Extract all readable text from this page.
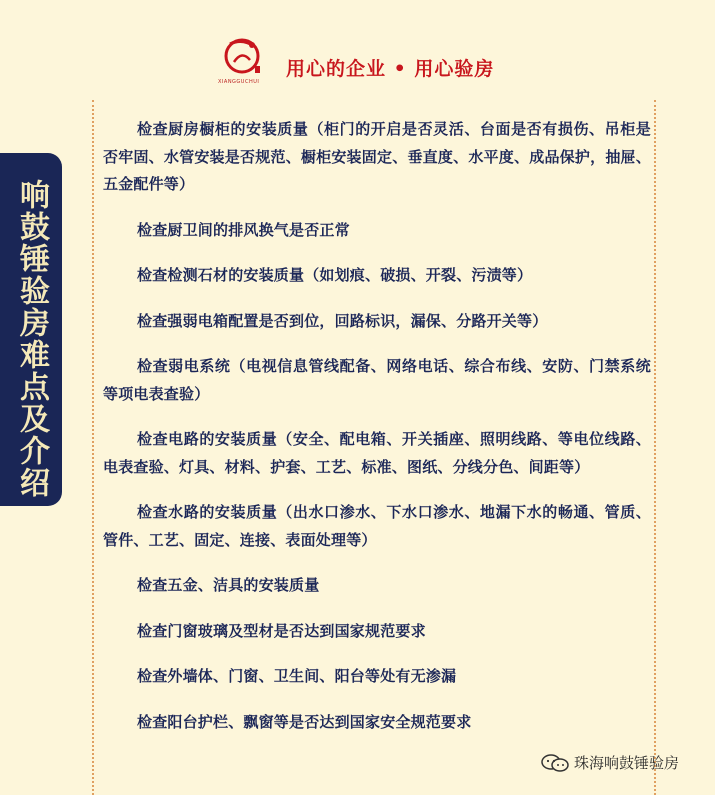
XIANGGUCHUI
用心的企业 • 用心验房
响鼓锤验房难点及介绍

检查厨房橱柜的安装质量（柜门的开启是否灵活、台面是否有损伤、吊柜是否牢固、水管安装是否规范、橱柜安装固定、垂直度、水平度、成品保护，抽屉、五金配件等）

检查厨卫间的排风换气是否正常

检查检测石材的安装质量（如划痕、破损、开裂、污渍等）

检查强弱电箱配置是否到位，回路标识，漏保、分路开关等）

检查弱电系统（电视信息管线配备、网络电话、综合布线、安防、门禁系统等项电表查验）

检查电路的安装质量（安全、配电箱、开关插座、照明线路、等电位线路、电表查验、灯具、材料、护套、工艺、标准、图纸、分线分色、间距等）

检查水路的安装质量（出水口渗水、下水口渗水、地漏下水的畅通、管质、管件、工艺、固定、连接、表面处理等）

检查五金、洁具的安装质量

检查门窗玻璃及型材是否达到国家规范要求

检查外墙体、门窗、卫生间、阳台等处有无渗漏

检查阳台护栏、飘窗等是否达到国家安全规范要求

珠海响鼓锤验房
